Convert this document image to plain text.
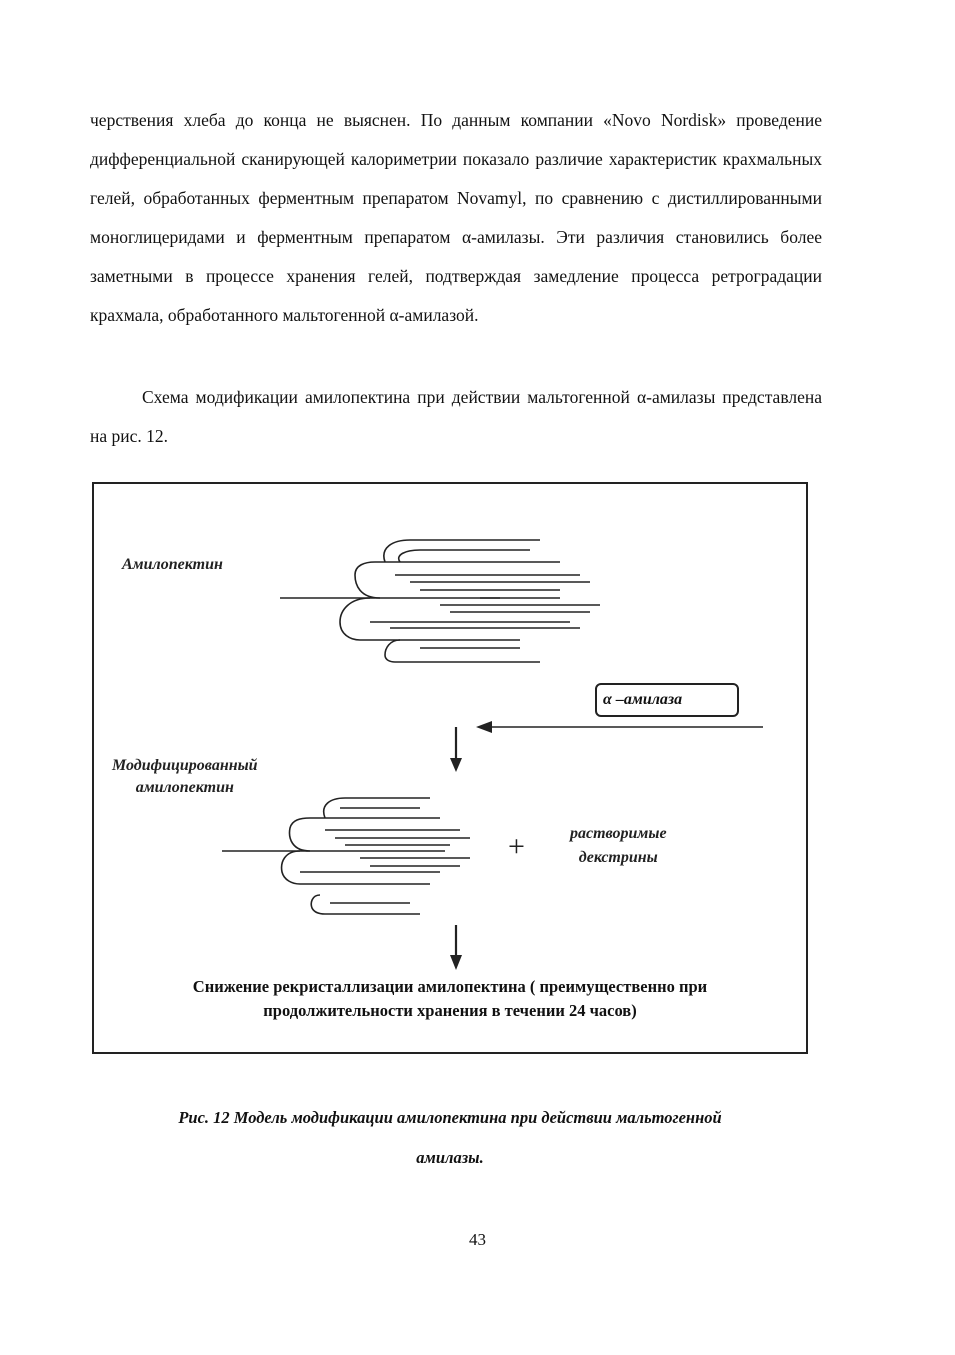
черствения хлеба до конца не выяснен. По данным компании «Novo Nordisk» проведение дифференциальной сканирующей калориметрии показало различие характеристик крахмальных гелей, обработанных ферментным препаратом Novamyl, по сравнению с дистиллированными моноглицеридами и ферментным препаратом α-амилазы. Эти различия становились более заметными в процессе хранения гелей, подтверждая замедление процесса ретроградации крахмала, обработанного мальтогенной α-амилазой.

Схема модификации амилопектина при действии мальтогенной α-амилазы представлена на рис. 12.

Амилопектин
α –амилаза
Модифицированный
амилопектин
+	растворимые
декстрины
Снижение рекристаллизации амилопектина ( преимущественно при продолжительности хранения в течении 24 часов)
Рис. 12 Модель модификации амилопектина при действии мальтогенной
амилазы.
43
